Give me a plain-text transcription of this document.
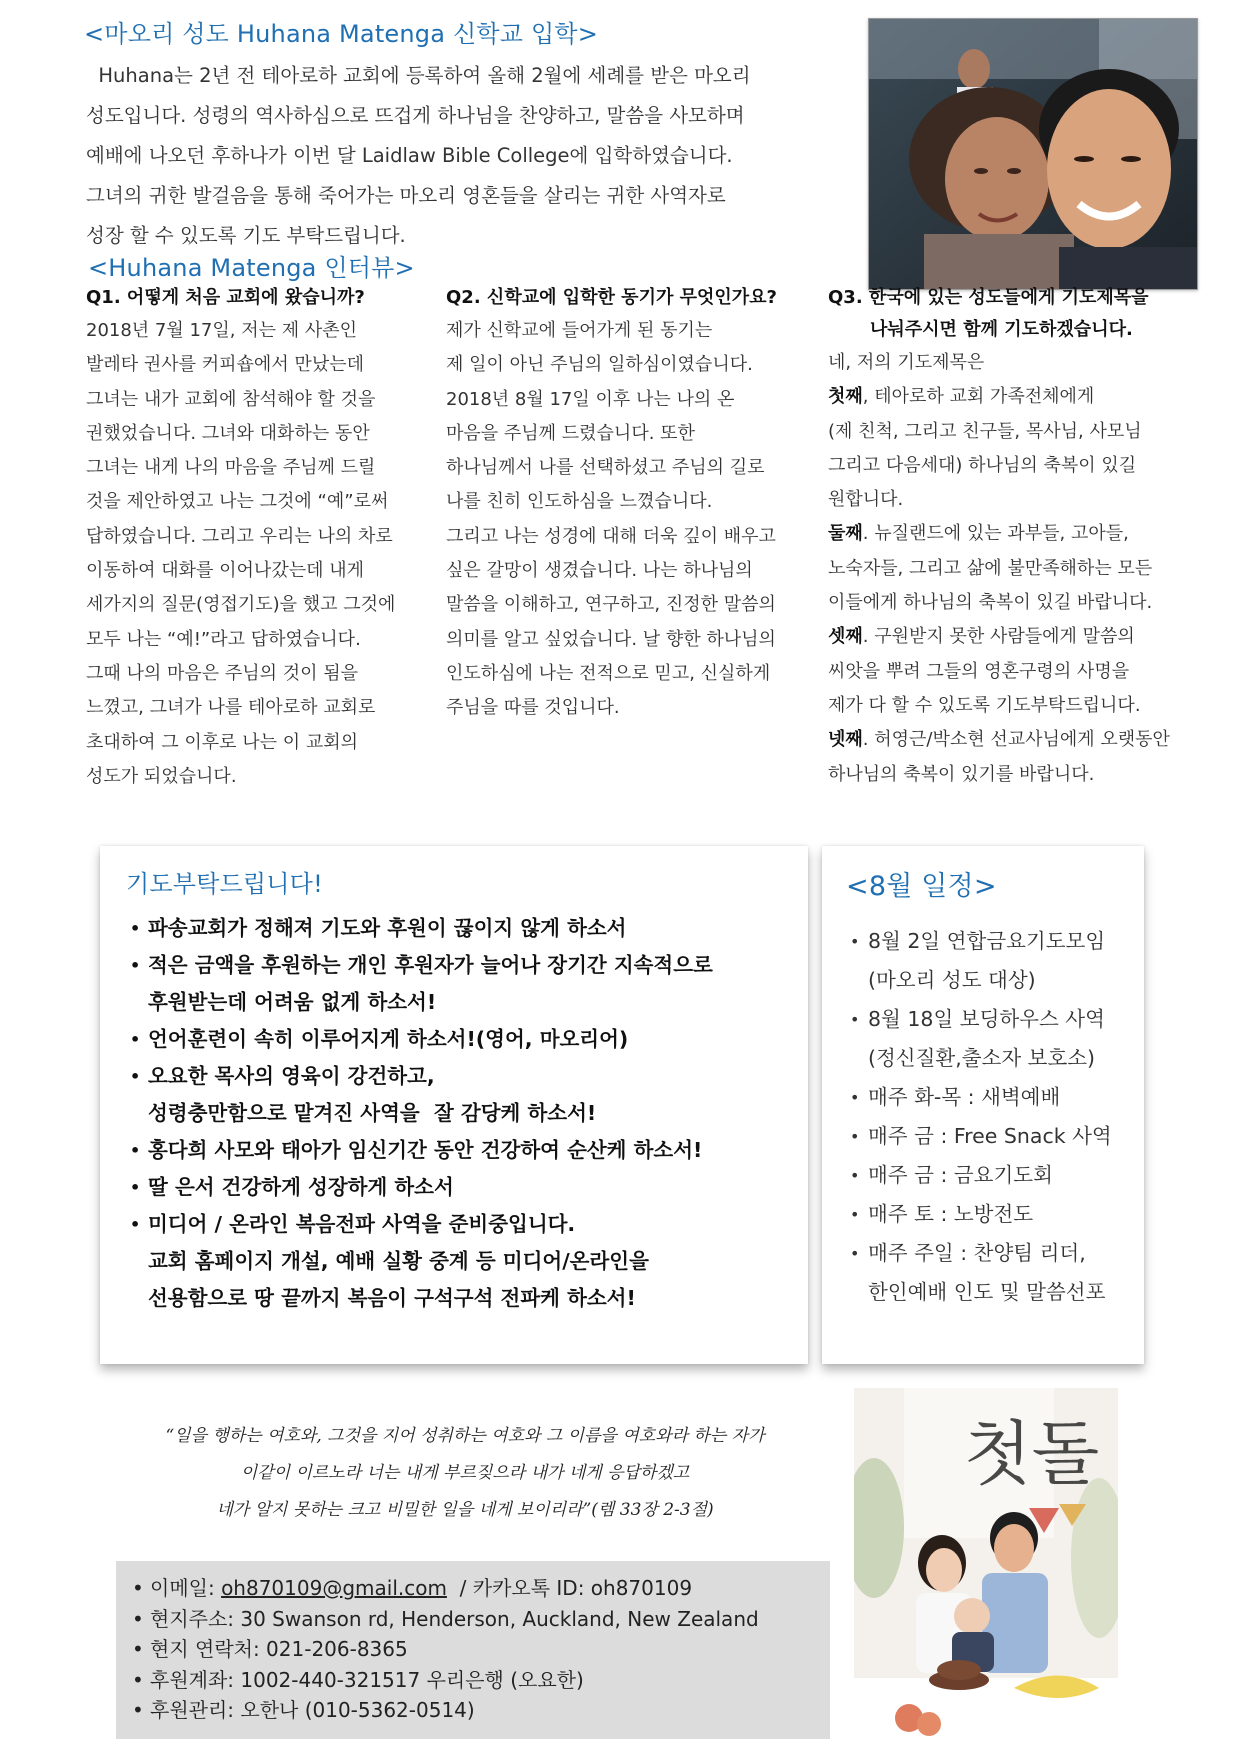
<마오리 성도 Huhana Matenga 신학교 입학>
Huhana는 2년 전 테아로하 교회에 등록하여 올해 2월에 세례를 받은 마오리
성도입니다. 성령의 역사하심으로 뜨겁게 하나님을 찬양하고, 말씀을 사모하며
예배에 나오던 후하나가 이번 달 Laidlaw Bible College에 입학하였습니다.
그녀의 귀한 발걸음을 통해 죽어가는 마오리 영혼들을 살리는 귀한 사역자로
성장 할 수 있도록 기도 부탁드립니다.
<Huhana Matenga 인터뷰>
Q1. 어떻게 처음 교회에 왔습니까?

2018년 7월 17일, 저는 제 사촌인

발레타 권사를 커피숍에서 만났는데

그녀는 내가 교회에 참석해야 할 것을

권했었습니다. 그녀와 대화하는 동안

그녀는 내게 나의 마음을 주님께 드릴

것을 제안하였고 나는 그것에 “예”로써

답하였습니다. 그리고 우리는 나의 차로

이동하여 대화를 이어나갔는데 내게

세가지의 질문(영접기도)을 했고 그것에

모두 나는 “예!”라고 답하였습니다.

그때 나의 마음은 주님의 것이 됨을

느꼈고, 그녀가 나를 테아로하 교회로

초대하여 그 이후로 나는 이 교회의

성도가 되었습니다.

Q2. 신학교에 입학한 동기가 무엇인가요?

제가 신학교에 들어가게 된 동기는

제 일이 아닌 주님의 일하심이였습니다.

2018년 8월 17일 이후 나는 나의 온

마음을 주님께 드렸습니다. 또한

하나님께서 나를 선택하셨고 주님의 길로

나를 친히 인도하심을 느꼈습니다.

그리고 나는 성경에 대해 더욱 깊이 배우고

싶은 갈망이 생겼습니다. 나는 하나님의

말씀을 이해하고, 연구하고, 진정한 말씀의

의미를 알고 싶었습니다. 날 향한 하나님의

인도하심에 나는 전적으로 믿고, 신실하게

주님을 따를 것입니다.

Q3. 한국에 있는 성도들에게 기도제목을
나눠주시면 함께 기도하겠습니다.

네, 저의 기도제목은

첫째, 테아로하 교회 가족전체에게

(제 친척, 그리고 친구들, 목사님, 사모님

그리고 다음세대) 하나님의 축복이 있길

원합니다.

둘째. 뉴질랜드에 있는 과부들, 고아들,

노숙자들, 그리고 삶에 불만족해하는 모든

이들에게 하나님의 축복이 있길 바랍니다.

셋째. 구원받지 못한 사람들에게 말씀의

씨앗을 뿌려 그들의 영혼구령의 사명을

제가 다 할 수 있도록 기도부탁드립니다.

넷째. 허영근/박소현 선교사님에게 오랫동안

하나님의 축복이 있기를 바랍니다.

기도부탁드립니다!
• 파송교회가 정해져 기도와 후원이 끊이지 않게 하소서
• 적은 금액을 후원하는 개인 후원자가 늘어나 장기간 지속적으로
후원받는데 어려움 없게 하소서!
• 언어훈련이 속히 이루어지게 하소서!(영어, 마오리어)
• 오요한 목사의 영육이 강건하고,
성령충만함으로 맡겨진 사역을  잘 감당케 하소서!
• 홍다희 사모와 태아가 임신기간 동안 건강하여 순산케 하소서!
• 딸 은서 건강하게 성장하게 하소서
• 미디어 / 온라인 복음전파 사역을 준비중입니다.
교회 홈페이지 개설, 예배 실황 중계 등 미디어/온라인을
선용함으로 땅 끝까지 복음이 구석구석 전파케 하소서!
<8월 일정>
• 8월 2일 연합금요기도모임
(마오리 성도 대상)
• 8월 18일 보딩하우스 사역
(정신질환,출소자 보호소)
• 매주 화-목 : 새벽예배
• 매주 금 : Free Snack 사역
• 매주 금 : 금요기도회
• 매주 토 : 노방전도
• 매주 주일 : 찬양팀 리더,
한인예배 인도 및 말씀선포
“일을 행하는 여호와, 그것을 지어 성취하는 여호와 그 이름을 여호와라 하는 자가
이같이 이르노라 너는 내게 부르짖으라 내가 네게 응답하겠고
네가 알지 못하는 크고 비밀한 일을 네게 보이리라”(렘 33장 2-3절)
• 이메일: oh870109@gmail.com  / 카카오톡 ID: oh870109
• 현지주소: 30 Swanson rd, Henderson, Auckland, New Zealand
• 현지 연락처: 021-206-8365
• 후원계좌: 1002-440-321517 우리은행 (오요한)
• 후원관리: 오한나 (010-5362-0514)
첫돌
